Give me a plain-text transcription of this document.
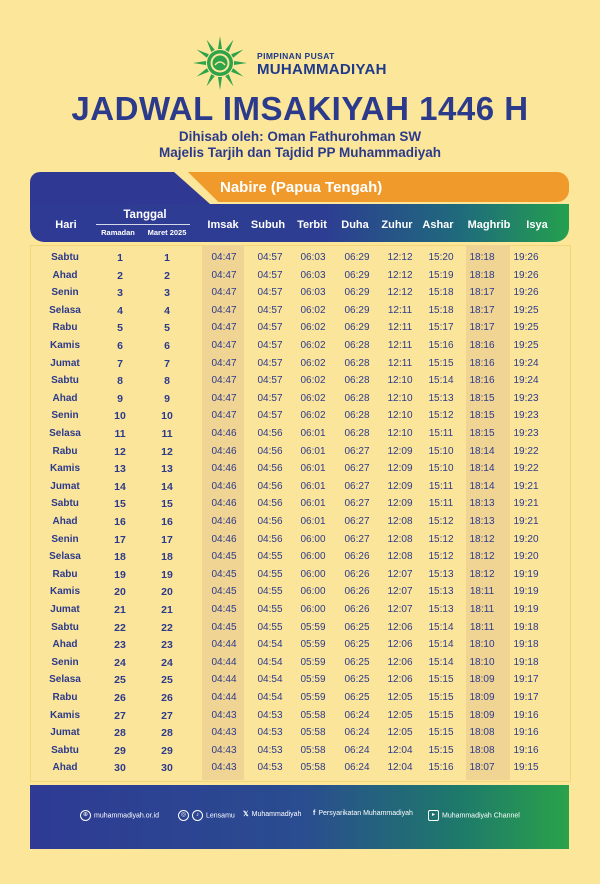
PIMPINAN PUSAT
MUHAMMADIYAH
JADWAL IMSAKIYAH 1446 H
Dihisab oleh: Oman Fathurohman SW
Majelis Tarjih dan Tajdid PP Muhammadiyah
Nabire (Papua Tengah)
Hari
Tanggal
Ramadan	Maret 2025
Imsak	Subuh	Terbit	Duha	Zuhur Ashar	Maghrib	Isya
Sabtu	1	1	04:47	04:57	06:03	06:29	12:12	15:20	18:18	19:26
Ahad	2	2	04:47	04:57	06:03	06:29	12:12	15:19	18:18	19:26
Senin	3	3	04:47	04:57	06:03	06:29	12:12	15:18	18:17	19:26
Selasa	4	4	04:47	04:57	06:02	06:29	12:11	15:18	18:17	19:25
Rabu	5	5	04:47	04:57	06:02	06:29	12:11	15:17	18:17	19:25
Kamis	6	6	04:47	04:57	06:02	06:28	12:11	15:16	18:16	19:25
Jumat	7	7	04:47	04:57	06:02	06:28	12:11	15:15	18:16	19:24
Sabtu	8	8	04:47	04:57	06:02	06:28	12:10	15:14	18:16	19:24
Ahad	9	9	04:47	04:57	06:02	06:28	12:10	15:13	18:15	19:23
Senin	10	10	04:47	04:57	06:02	06:28	12:10	15:12	18:15	19:23
Selasa	11	11	04:46	04:56	06:01	06:28	12:10	15:11	18:15	19:23
Rabu	12	12	04:46	04:56	06:01	06:27	12:09	15:10	18:14	19:22
Kamis	13	13	04:46	04:56	06:01	06:27	12:09	15:10	18:14	19:22
Jumat	14	14	04:46	04:56	06:01	06:27	12:09	15:11	18:14	19:21
Sabtu	15	15	04:46	04:56	06:01	06:27	12:09	15:11	18:13	19:21
Ahad	16	16	04:46	04:56	06:01	06:27	12:08	15:12	18:13	19:21
Senin	17	17	04:46	04:56	06:00	06:27	12:08	15:12	18:12	19:20
Selasa	18	18	04:45	04:55	06:00	06:26	12:08	15:12	18:12	19:20
Rabu	19	19	04:45	04:55	06:00	06:26	12:07	15:13	18:12	19:19
Kamis	20	20	04:45	04:55	06:00	06:26	12:07	15:13	18:11	19:19
Jumat	21	21	04:45	04:55	06:00	06:26	12:07	15:13	18:11	19:19
Sabtu	22	22	04:45	04:55	05:59	06:25	12:06	15:14	18:11	19:18
Ahad	23	23	04:44	04:54	05:59	06:25	12:06	15:14	18:10	19:18
Senin	24	24	04:44	04:54	05:59	06:25	12:06	15:14	18:10	19:18
Selasa	25	25	04:44	04:54	05:59	06:25	12:06	15:15	18:09	19:17
Rabu	26	26	04:44	04:54	05:59	06:25	12:05	15:15	18:09	19:17
Kamis	27	27	04:43	04:53	05:58	06:24	12:05	15:15	18:09	19:16
Jumat	28	28	04:43	04:53	05:58	06:24	12:05	15:15	18:08	19:16
Sabtu	29	29	04:43	04:53	05:58	06:24	12:04	15:15	18:08	19:16
Ahad	30	30	04:43	04:53	05:58	06:24	12:04	15:16	18:07	19:15
⊕ muhammadiyah.or.id	◎ ♪ Lensamu 𝕏 Muhammadiyah f Persyarikatan Muhammadiyah	▸ Muhammadiyah Channel
